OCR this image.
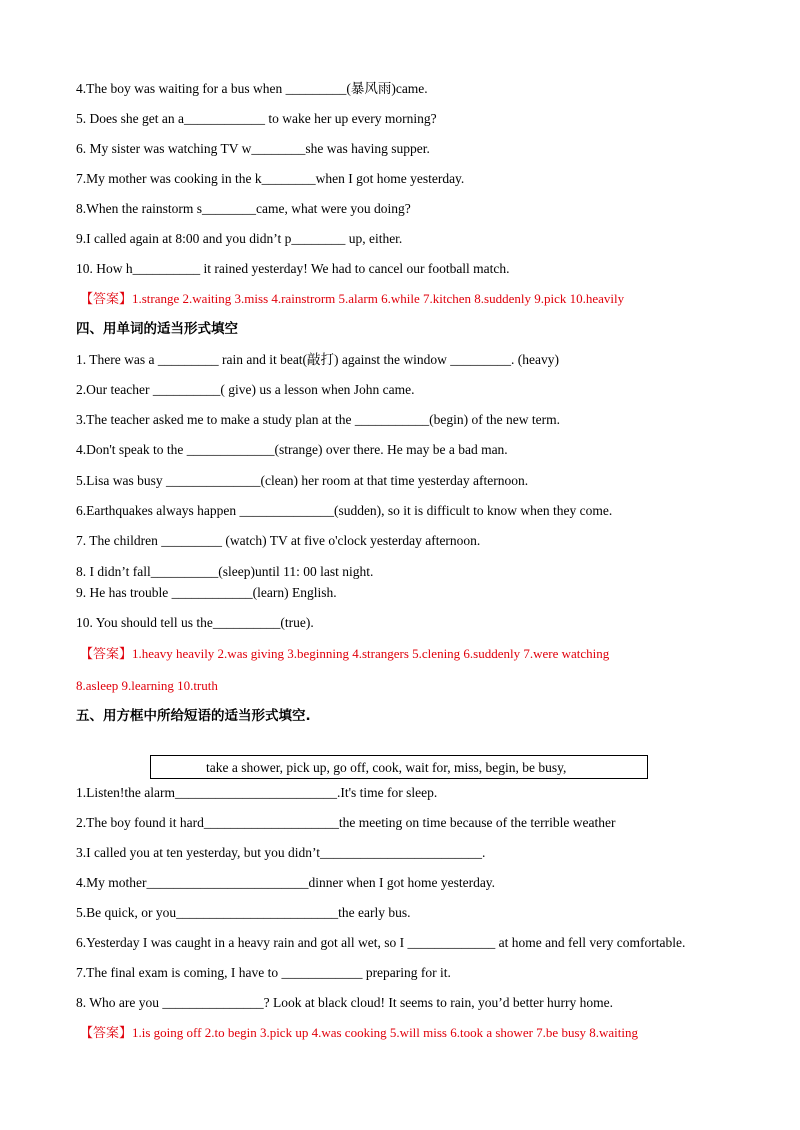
4.The boy was waiting for a bus when _________(暴风雨)came.
5. Does she get an a____________ to wake her up every morning?
6. My sister was watching TV w________she was having supper.
7.My mother was cooking in the k________when I got home yesterday.
8.When the rainstorm s________came, what were you doing?
9.I called again at 8:00 and you didn’t p________ up, either.
10. How h__________ it rained yesterday! We had to cancel our football match.
【答案】1.strange 2.waiting 3.miss 4.rainstrorm 5.alarm 6.while 7.kitchen 8.suddenly 9.pick 10.heavily
四、用单词的适当形式填空
1. There was a _________ rain and it beat(敲打) against the window _________. (heavy)
2.Our teacher __________( give) us a lesson when John came.
3.The teacher asked me to make a study plan at the ___________(begin) of the new term.
4.Don't speak to the _____________(strange) over there. He may be a bad man.
5.Lisa was busy ______________(clean) her room at that time yesterday afternoon.
6.Earthquakes always happen ______________(sudden), so it is difficult to know when they come.
7. The children _________ (watch) TV at five o'clock yesterday afternoon.
8. I didn’t fall__________(sleep)until 11: 00 last night.
9. He has trouble ____________(learn) English.
10. You should tell us the__________(true).
【答案】1.heavy heavily 2.was giving 3.beginning 4.strangers 5.clening 6.suddenly 7.were watching
8.asleep 9.learning 10.truth
五、用方框中所给短语的适当形式填空.
take a shower, pick up, go off, cook, wait for, miss, begin, be busy,
1.Listen!the alarm________________________.It's time for sleep.
2.The boy found it hard____________________the meeting on time because of the terrible weather
3.I called you at ten yesterday, but you didn’t________________________.
4.My mother________________________dinner when I got home yesterday.
5.Be quick, or you________________________the early bus.
6.Yesterday I was caught in a heavy rain and got all wet, so I _____________ at home and fell very comfortable.
7.The final exam is coming, I have to ____________ preparing for it.
8. Who are you _______________? Look at black cloud! It seems to rain, you’d better hurry home.
【答案】1.is going off 2.to begin 3.pick up 4.was cooking 5.will miss 6.took a shower 7.be busy 8.waiting
